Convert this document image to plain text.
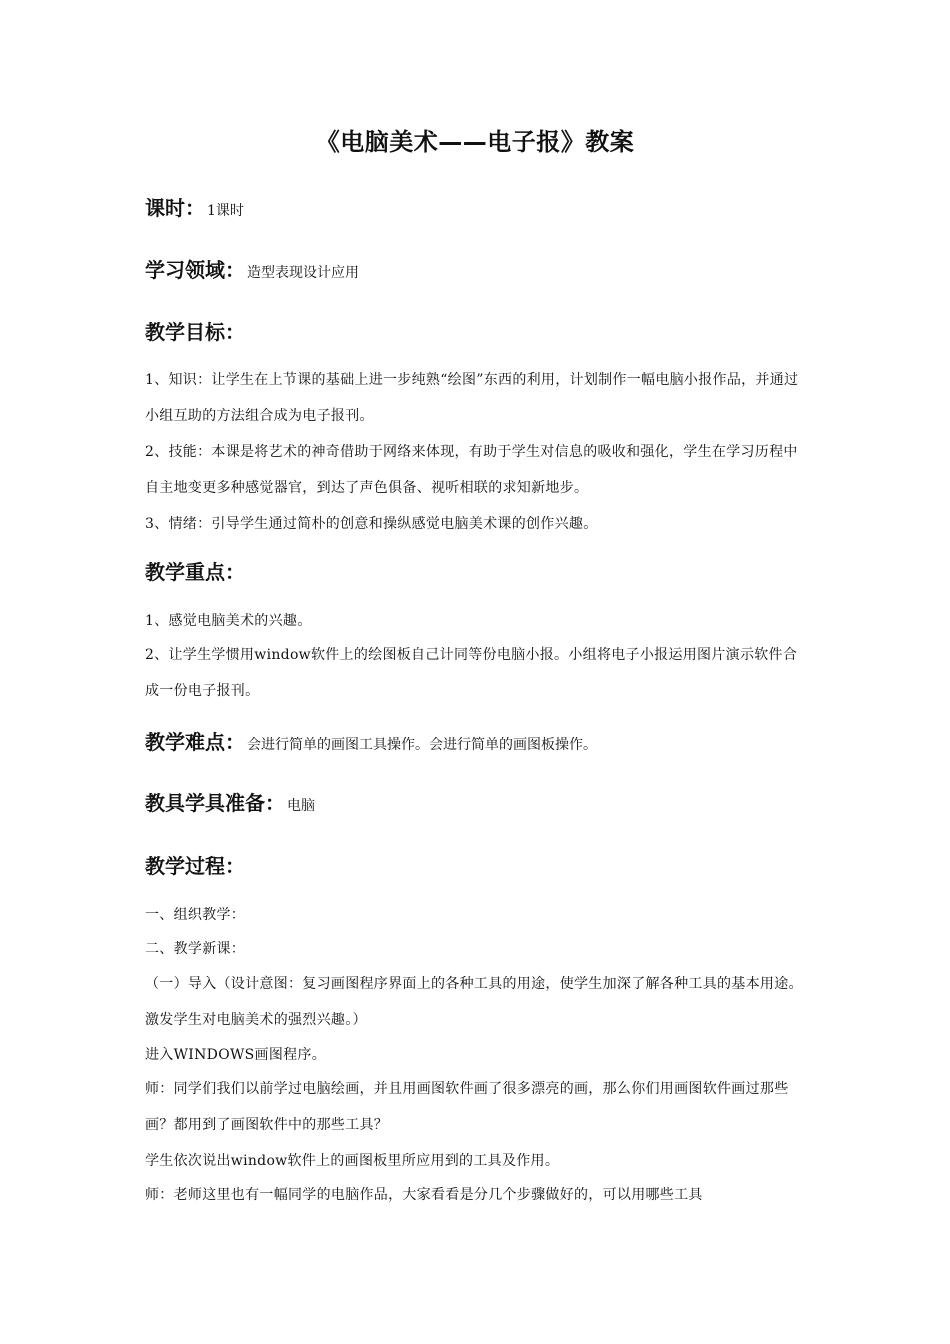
《电脑美术——电子报》教案
课时： 1课时
学习领域： 造型表现设计应用
教学目标：
1、知识：让学生在上节课的基础上进一步纯熟“绘图”东西的利用，计划制作一幅电脑小报作品，并通过小组互助的方法组合成为电子报刊。
2、技能：本课是将艺术的神奇借助于网络来体现，有助于学生对信息的吸收和强化，学生在学习历程中自主地变更多种感觉器官，到达了声色俱备、视听相联的求知新地步。
3、情绪：引导学生通过简朴的创意和操纵感觉电脑美术课的创作兴趣。
教学重点：
1、感觉电脑美术的兴趣。
2、让学生学惯用window软件上的绘图板自己计同等份电脑小报。小组将电子小报运用图片演示软件合成一份电子报刊。
教学难点： 会进行简单的画图工具操作。会进行简单的画图板操作。
教具学具准备： 电脑
教学过程：
一、组织教学：
二、教学新课：
（一）导入（设计意图：复习画图程序界面上的各种工具的用途，使学生加深了解各种工具的基本用途。激发学生对电脑美术的强烈兴趣。）
进入WINDOWS画图程序。
师：同学们我们以前学过电脑绘画，并且用画图软件画了很多漂亮的画，那么你们用画图软件画过那些画？都用到了画图软件中的那些工具？
学生依次说出window软件上的画图板里所应用到的工具及作用。
师：老师这里也有一幅同学的电脑作品，大家看看是分几个步骤做好的，可以用哪些工具
